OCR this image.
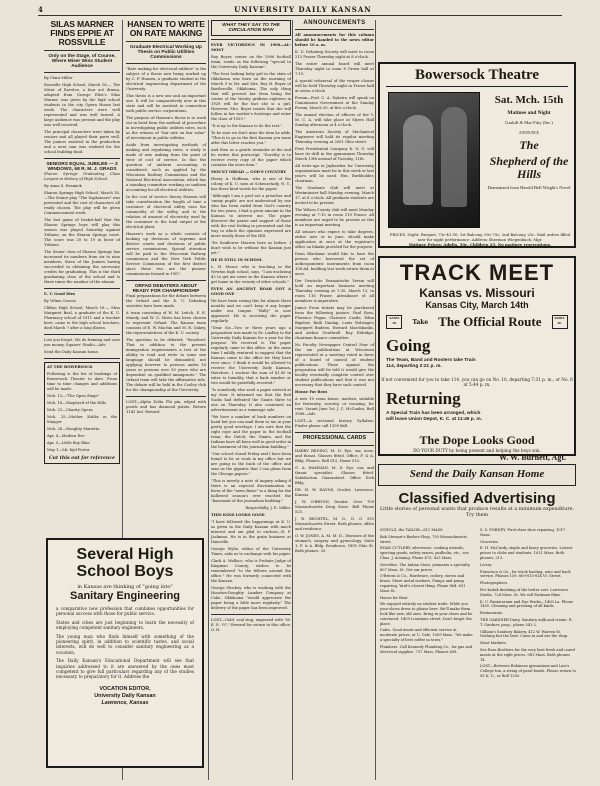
4	UNIVERSITY DAILY KANSAN
SILAS MARNER FINDS EPPIE AT ROSSVILLE
Only on the Stage, of Course, Where Miser Wins Student Audience

By Clara Miller

Rossville High School, March 16.— The Miser of Raveloe, a four act drama, adapted from George Eliot's Silas Marner, was given by the high school students in the city Opera House last week. The characters were well represented and was well turned. A large audience was present and the play was well received.

The principal characters were taken by seniors and all played their parts well. The juniors assisted in the production and a neat sum was realized for the school building fund.

SENIORS EQUAL JUBILEE — 3 WINDOWS, 68 R. M. J. GRADS

Sharon Springs Graduating Class Largest in History of High School.

By Anna S. Hosmick

Sharon Springs High School, March 16.—The Senior play "The Sophomore" was presented and the cast of characters all ready chosen. The play will be given Commencement week.

The last game of basket-ball that the Sharon Springs boys will play this season was played Saturday against Tribune, on the Sharon Springs court. The score was 20 to 19 in favor of Tribune.

The Senior class of Sharon Springs has increased its numbers from six to nine members, three of the Juniors having succeeded in obtaining the necessary credits for graduating. This is the third graduating class of the school and is three times the number of the alumni.

E. V. Good Dies

By Velma Carson

Clifton High School, March 16.— Miss Margaret Beal, a graduate of the K. U. Pharmacy school of 1911 and a teacher here, came to the high school teachers, died March 7 after a long illness.

Lost you forget. We do framing and save you money. Squires' Studio—Adv.

Send the Daily Kansan home.

AT THE BOWERSOCK

Following is the list of bookings of Bowersock Theater to date. From time to time changes and additions will be made:

Mch. 15—"The Open Stage"

Mch. 18—Shepherd of the Hills

Mch. 21—Charity Opera

Mch. 25—Mother Kobbs in the Manger

Mch. 26—Naughty Marietta

Apr. 4—Modern Eve

Apr. 5—Little Boy Blue

May 1—Mr. Kyd Forter

Cut this out for reference
HANSEN TO WRITE ON RATE MAKING
Graduate Electrical Working Up Thesis on Public Utilities Commissions

"Rate making for electrical utilities" is the subject of a thesis now being worked up by C. F. Hansen, a graduate student in the electrical engineering department of the University.

This thesis is a new one and an important one. It will be comparatively new in this state and will be assisted in connection with public service corporations.

The purpose of Hansen's thesis is to work out in brief form the method of procedure in investigating public utilities rates, such as the returns of "fair rate on fair value" of investment in public utilities.

Aside from investigating methods of making and regulating rates, a study is made of rate making from the point of view of cost of service. In this the question of uniform accounting is considered, such as applied by the Wisconsin Railway Commission and the National Electrical Association, which has a standing committee working on uniform accounting for all electrical utilities.

In the cost of service theory Hansen will take consideration the length of time a customer of electrical utility uses the commodity of the utility, and to the relation of amount of electricity used by the consumer to the total output of the electrical plant.

Hansen's work as a whole consists of looking up decisions of supreme and district courts and decisions of public service commissions. Special attention will be paid to the Wisconsin Railway commission and the New York Public Service Commission of the first district since these two are the pioneer commissions formed in 1907.

ORFAD DEBATERS ABOUT READY FOR CHAMPIONSHIP

Final preparations for the debate between the Orfaad and the K. U. Debating societies have been made.

A team consisting of W. M. Leitch, E. E. Mundy, and W. G. Mires has been chosen to represent Orfaad. The Kansas team consists of E. W. Machin and M. R. Oakey, the representatives of the K. U. society.

The question to be debated, "Resolved: That in addition to the present immigration requirements a test of the ability to read and write in some one language should be demanded, not applying however to persons under 16 years or persons over 50 years who are dependent on qualified immigrants." The Orfaad team will take the affirmative side. The debate will be held in the Cooley club for the championship of the University.

LOST—Alpha Delta Phi pin, edged with pearls and has diamond points. Return 1142 Ind. Reward.

WHAT THEY SAY TO THE CIRCULATION MAN

EVER VICTORIOUS IN 1906—AL-MOST

Roy Boyer, center on the 1906 football team, sends us the following "special to the University Daily Kansan":

"The best looking baby girl in the state of Oklahoma was born on the morning of March 9 to Mr. and Mrs. Roy H. Boyer of Bartlesville, Oklahoma. The only thing that will prevent her from being the center of the Varsity gridiron eighteen in 1929 will be the fact she is a girl. However, Mrs. Boyer insists that she will follow in her mother's footsteps and enter the class of 1929."

"It is up to the Kansan to do the rest."

To be sure we don't miss the item he adds, "This is to go in the first Kansan you issue after this letter reaches you."

And then as a gentle reminder at the end he writes this postscript, "Dorothy is to receive every copy of the paper which contains the news item."

MOUNT OREAD — GOD'S COUNTRY

Henry A. Hoffman, who is one of the colony of K. U. men at Schenectady, N. Y., has these kind words for the paper:

"Although I am a prof not a preacher and 'sunny pupils' are not understood by one who has been exiled from God's country for two years, I find a great amount in the Kansan to interest me. The paper deserves the praise and support of those with the real feeling in presented and the way in which the opinions expressed are more nearly those of the Hill.

"Its Sunflower Heaven here as before, I don't wish to be without the Kansan just yet."

HE IS STILL IN SCHOOL

L. H. Moser, who is teaching in the Newton high school, says, "I am enclosing $2 to get me news in the Kansan where I get home in the vicinity of other schools."

EVEN AN ANCIENT BOAR GOT A GOOD ONE

We have been seeing this for almost three months and we can't keep it any longer under our tongue. "Bully" is now appeased. He is receiving the paper regularly.

"Dear Sir—Two or three years ago a proposition was made to Dr. Lindley to the University Daily Kansan for a year for the purpose. We received it. The paper regularly came to this office. At the same time I mildly ventured to suggest that the Kansan come to the office for they have ever since. I think it would be allowed to receive the University Daily Kansan, therefore, I enclose the sum of $1.00 in extra to humility, that a back number or two would be gratefully received."

"Is somebody else send a paper arrived at my door. It informed me that the Red Sucks had defeated the Giants three to one on Thursday. It also contained an advertisement as a rummage sale.

"We have a number of back numbers on hand but you can mail them to me in your pretty good envelope. I am sure that the right rope and the paper in the football team; the Dutch; the Giants, and the Indians have all been well in good order in the basement of the journalism building."

"Our school closed Friday and I have been found to be at work in my office but we are going in the back of the office and sent us the gigantic that I can glean from the Chicago papers."

"This is merely a note of inquiry asking if there is an especial discrimination in favor of the "news Boise" in a thing for the hallowed season's ever reached the "basement of the journalism building."

Respectfully, J. E. Miller.

THIS KIND LOOKS GOOD

"I have followed the happenings at K. U. as given in the Daily Kansan with much interest and am glad to enclose—R. F. Jackman. He is in the grain business at Dansville.

George Wylie, editor of the University Times, asks us to exchange with his paper.

Clark A. Wallace, who is Probate Judge of Kingman County, wishes to be remembered "to the fellows around the office." He was formerly connected with the Kansan.

George Stuckey, who is working with the Houston-Doughty Lumber Company at Coke, Oklahoma "would appreciate the paper being a little more regularly." The delivery of the paper has been improved.

LOST—Gold, seal ring, engraved with "M. E. E. '07." Reward for return to this office. O. H.

ANNOUNCEMENTS

All announcements for this column should be handed to the news editor before 10 a. m.

K. U. Debating Society will meet in room 215 Fraser Thursday night at 8 o'clock.

The entire annual board will meet Thursday night in room 8 Green hall at 7:15.

A special rehearsal of the vesper chorus will be held Thursday night in Fraser hall at seven o'clock.

Forum—Prof. C. A. Dykstra will speak on Commission Government at the Sunday Forum, March 30, at five o'clock.

The annual election of officers of the Y. M. C. A. will take place at Myers Hall Sunday afternoon at 4 o'clock.

The American Society of Mechanical Engineers will hold its regular meeting Thursday evening at 2001 Ohio street.

First Presidential Company K. N. G. will have its drill in the gymnasium Thursday March 13th instead of Tuesday, 11th.

All write-ups in Jayhawker for University organizations must be in this week or last year's will be used. Wm. Burkholder, chairman.

The Graduate club will meet at Westminster hall Monday evening, March 17, at 8 o'clock. All graduate students are invited to be present.

The Wilson County club will meet Monday evening at 7:15 in room 119 Fraser. All members are urged to be present as this is an important meeting.

All seniors who expect to take degrees, either now or in June, should make application at once at the registrar's office on blanks provided for the purpose.

Dean Blackmar would like to have the person who borrowed the set of anthropometric instruments from room 108 Ad. building last week return them at once.

Der Deutsche Dramatische Verein will hold an important business meeting Thursday evening at 7:30, March 13, in room 116 Fraser. Attendance of all members is imperative.

Junior Prom tickets may be purchased from the following juniors: Paul Ross, Florence Pegan, Clarence Castle, Edna Bigelow, Ruth Dunlap, Louis Nelsinger, Margaret Budeen, Howard Marchbanks, and Arthur Gentlwell. Ray Eldridge, chairman finance committee.

No Faculty Newspaper Central Four of the six publications at Wisconsin represented at a meeting voted in favor of a board of control of student publications. Those against the proposition will be told it would give the faculty eventually complete control over student publications and that it was not necessary that they have such control.

House For Rent

A new 10 room house, modern, suitable for fraternity, sorority, or rooming, for rent. Vacant June 1st. J. C. McCanles, Bell 3906—Adv.

LOST—A sectional history Syllabus. Finder please call 1399 Bell.

PROFESSIONAL CARDS

HARRY REDING, M. D. Eye, ear, nose, and throat. Glasses fitted. Office, F. & A. Bldg. Phones, Bell 615, Home 515.

G. A. HAMMAN, M. D. Eye, ear, and throat specialist. Glasses fitted. Satisfaction Guaranteed. Office Dick Bldg.

DR. H. W. HAYNS, Oculist, Lawrence, Kansas.

J. W. O'BRYON, Dentist. Over 709 Massachusetts Drug Store. Bell Phone 525.

J. R. BECHTEL, M. D., D. O. 933 Massachusetts Street. Both phones, office and residence.

O. W. JONES, A. M. M. D., Diseases of the stomach, surgery and gynecology. Suite 1, F. & A. Bldg. Residence, 1801 Ohio St. Both phones, 25.

Bowersock Theatre
Sat. Mch. 15th
Matinee and Night
Gaskill & MacVitty (Inc.)
ANNOUNCE
The
Shepherd of the Hills
Dramatized from Harold Bell Wright's Novel
PRICES, Night: Parquet, 75c-$1.00; 1st Balcony, 50c-75c; 2nd Balcony, 25c. Mail orders filled now for night performance. Address Sherman Wiegenbach, Mgr.
Matinee Prices: Adults, 50c. Children 25. No matinee reservations.
TRACK MEET
Kansas vs. Missouri
Kansas City, March 14th
SANTA FE	Take The Official Route	SANTA FE
GoingThe Team, Band and Rooters take Train 114, departing 2:21 p. m.
If not convenient for you to take 114, you can go on No. 10, departing 7:31 p. m., or No. 6 at 5:44 p. m.
ReturningA Special Train has been arranged, which will leave Union Depot, K. C. at 11:45 p. m.
The Dope Looks Good
DO YOUR DUTY by being present and helping the boys win.
W. W. Burnett, Agt.
Send the Daily Kansan Home
Classified Advertising
Little stories of personal wants that produce results at a minimum expenditure. Try them

SCHULZ, the TAILOR—811 MASS.

Bob Stewart's Barber Shop, 739 Massachusetts street.

ROAD CUTLERY, silverware, cooking utensils, sporting goods, safety razors, padlocks, etc., see Chas. J. Achning. Phone 475, 823 Mass.

Novelties. The Indian Store, pennants a specialty. 807 Mass. St. Get our prices.

O'Briens & Co., Hardware, cutlery, stoves and brass. Sheet metal workers. Pumps and pump repairing. Yard's closest thing. Phone 864. 631 Mass St.

House for Rent

We enjoyed entirely on student trade. While you your shoes dress to please here. We'll make them look like new, old ones. Bring in your shoes and be convinced. 1409 Louisiana street. Don't forget the place.

Cafes. Good meals and efficient service at moderate prices, at U. Cafe, 1009 Mass. "We make a specialty of best coffee in town."

Plumbers. Call Kennedy Plumbing Co., for gas and electrical supplies. 737 Mass. Phones 658.

S. S. FORNEY, First-class shoe repairing. 1017 Mass.

Groceries.

E. H. McCurdy, staple and fancy groceries. Lowest prices to clubs and students. 1021 Mass. Both phones, 213.

Livery.

Francisco & Co., for truck hauling, auto and hack service. Phones 159. 809-813-814 Vt. Street.

Photographers.

For Kodak finishing of the better sort. Lawrence Studio, 724 Mass. St. We sell Eastman films.

K. U. Pantatorium and Dye Works—1400 La. Phone 1400. Cleaning and pressing of all kinds.

Restaurants.

THE GARDNER Dairy, Sanitary milk and cream. R. T. Gardner, prop., phone 242-2.

Gilliam's Sanitary Bakery, 412 W. Warren St. Nothing but the best. Come in and see the shop.

Meat Markets.

See Ross Brothers for the very best fresh and cured meats at the right prices. 941 Mass. Both phones 14.

LOST—Between Robinson gymnasium and Law's College Inn, a string of pearl beads. Please return to 95 K. U., or Bell 1250.

Several High
School Boys
in Kansas are thinking of "going into"
Sanitary Engineering
a comparative new profession that combines opportunities for personal success with those for public service.
States and cities are just beginning to learn the necessity of employing competent sanitary engineers.
The young man who finds himself with something of the pioneering spirit, in addition to scientific tastes, and social interests, will do well to consider sanitary engineering as a vocation.
The Daily Kansan's Educational Department will see that inquiries addressed to it are answered by the ones most competent to give full particulars regarding any of the studies necessary to preparatory for it. Address the
VOCATION EDITOR,
University Daily Kansan
Lawrence, Kansas
